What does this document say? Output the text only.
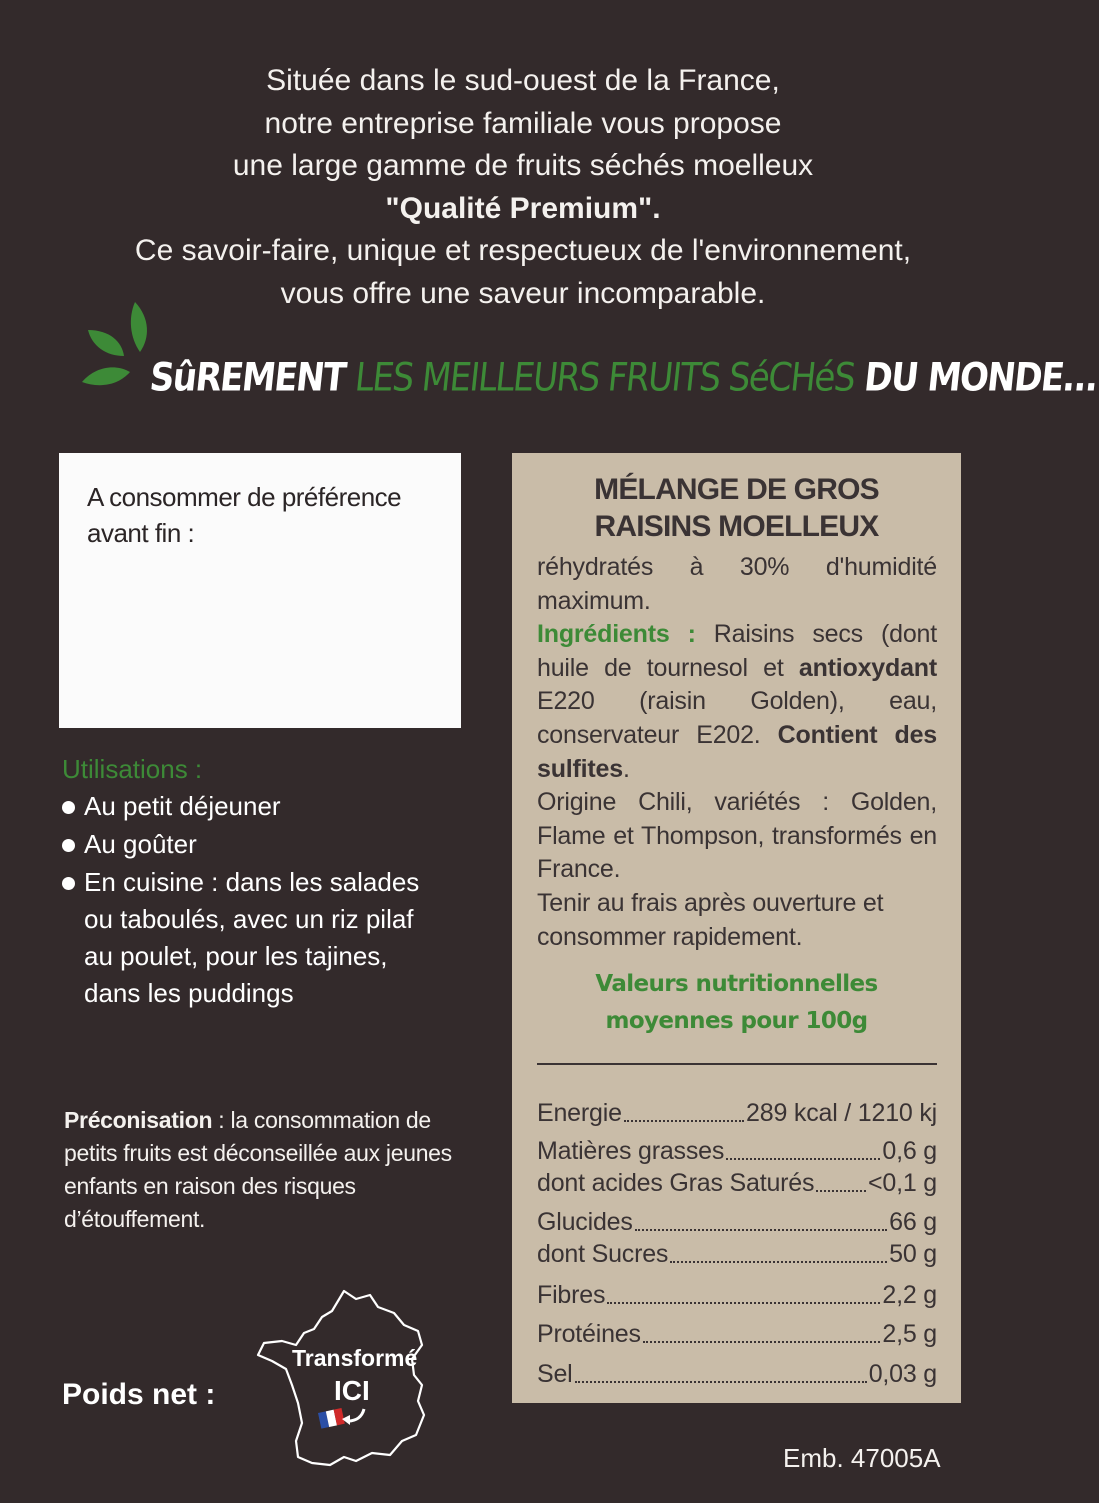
Située dans le sud-ouest de la France,
notre entreprise familiale vous propose
une large gamme de fruits séchés moelleux
"Qualité Premium".
Ce savoir-faire, unique et respectueux de l'environnement,
vous offre une saveur incomparable.
SûREMENT LES MEILLEURS FRUITS SéCHéS DU MONDE...
A consommer de préférence avant fin :
Utilisations :
Au petit déjeuner
Au goûter
En cuisine : dans les salades ou taboulés, avec un riz pilaf au poulet, pour les tajines, dans les puddings
Préconisation : la consommation de petits fruits est déconseillée aux jeunes enfants en raison des risques d’étouffement.
Poids net :
Transformé
ICI
Emb. 47005A
MÉLANGE DE GROS
RAISINS MOELLEUX

réhydratés à 30% d'humidité maximum.

Ingrédients : Raisins secs (dont huile de tournesol et antioxydant E220 (raisin Golden), eau, conservateur E202. Contient des sulfites.

Origine Chili, variétés : Golden, Flame et Thompson, transformés en France.

Tenir au frais après ouverture et consommer rapidement.

Valeurs nutritionnelles
moyennes pour 100g
Energie	289 kcal / 1210 kj
Matières grasses	0,6 g
dont acides Gras Saturés <0,1 g
Glucides	66 g
dont Sucres	50 g
Fibres	2,2 g
Protéines	2,5 g
Sel	0,03 g
